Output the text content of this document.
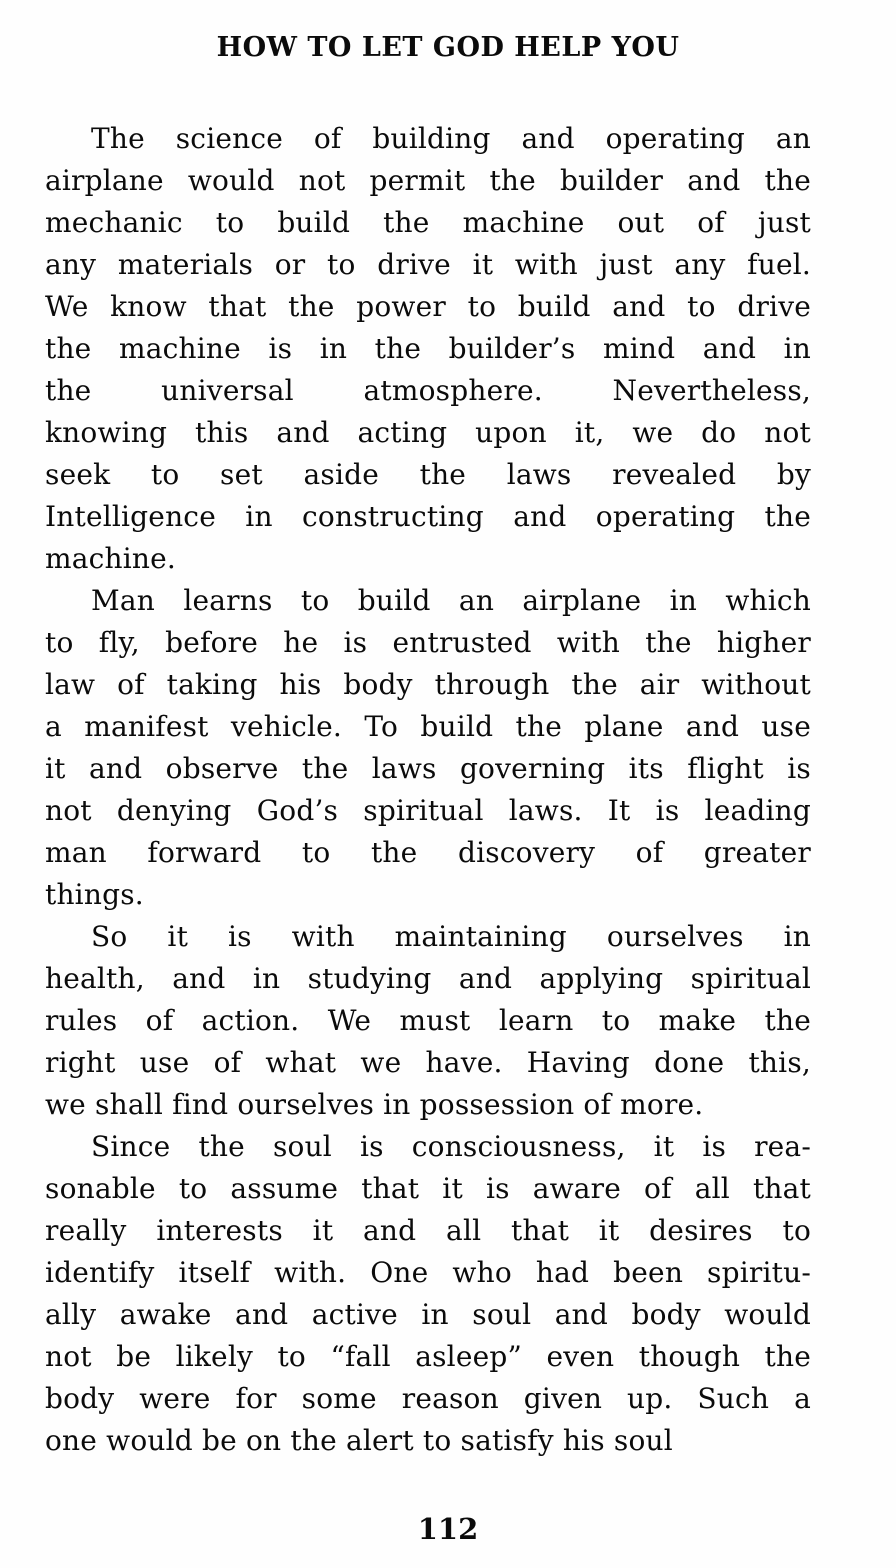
HOW TO LET GOD HELP YOU
The science of building and operating an
airplane would not permit the builder and the
mechanic to build the machine out of just
any materials or to drive it with just any fuel.
We know that the power to build and to drive
the machine is in the builder’s mind and in
the universal atmosphere. Nevertheless,
knowing this and acting upon it, we do not
seek to set aside the laws revealed by
Intelligence in constructing and operating the
machine.
Man learns to build an airplane in which
to fly, before he is entrusted with the higher
law of taking his body through the air without
a manifest vehicle. To build the plane and use
it and observe the laws governing its flight is
not denying God’s spiritual laws. It is leading
man forward to the discovery of greater
things.
So it is with maintaining ourselves in
health, and in studying and applying spiritual
rules of action. We must learn to make the
right use of what we have. Having done this,
we shall find ourselves in possession of more.
Since the soul is consciousness, it is rea-
sonable to assume that it is aware of all that
really interests it and all that it desires to
identify itself with. One who had been spiritu-
ally awake and active in soul and body would
not be likely to “fall asleep” even though the
body were for some reason given up. Such a
one would be on the alert to satisfy his soul
112
